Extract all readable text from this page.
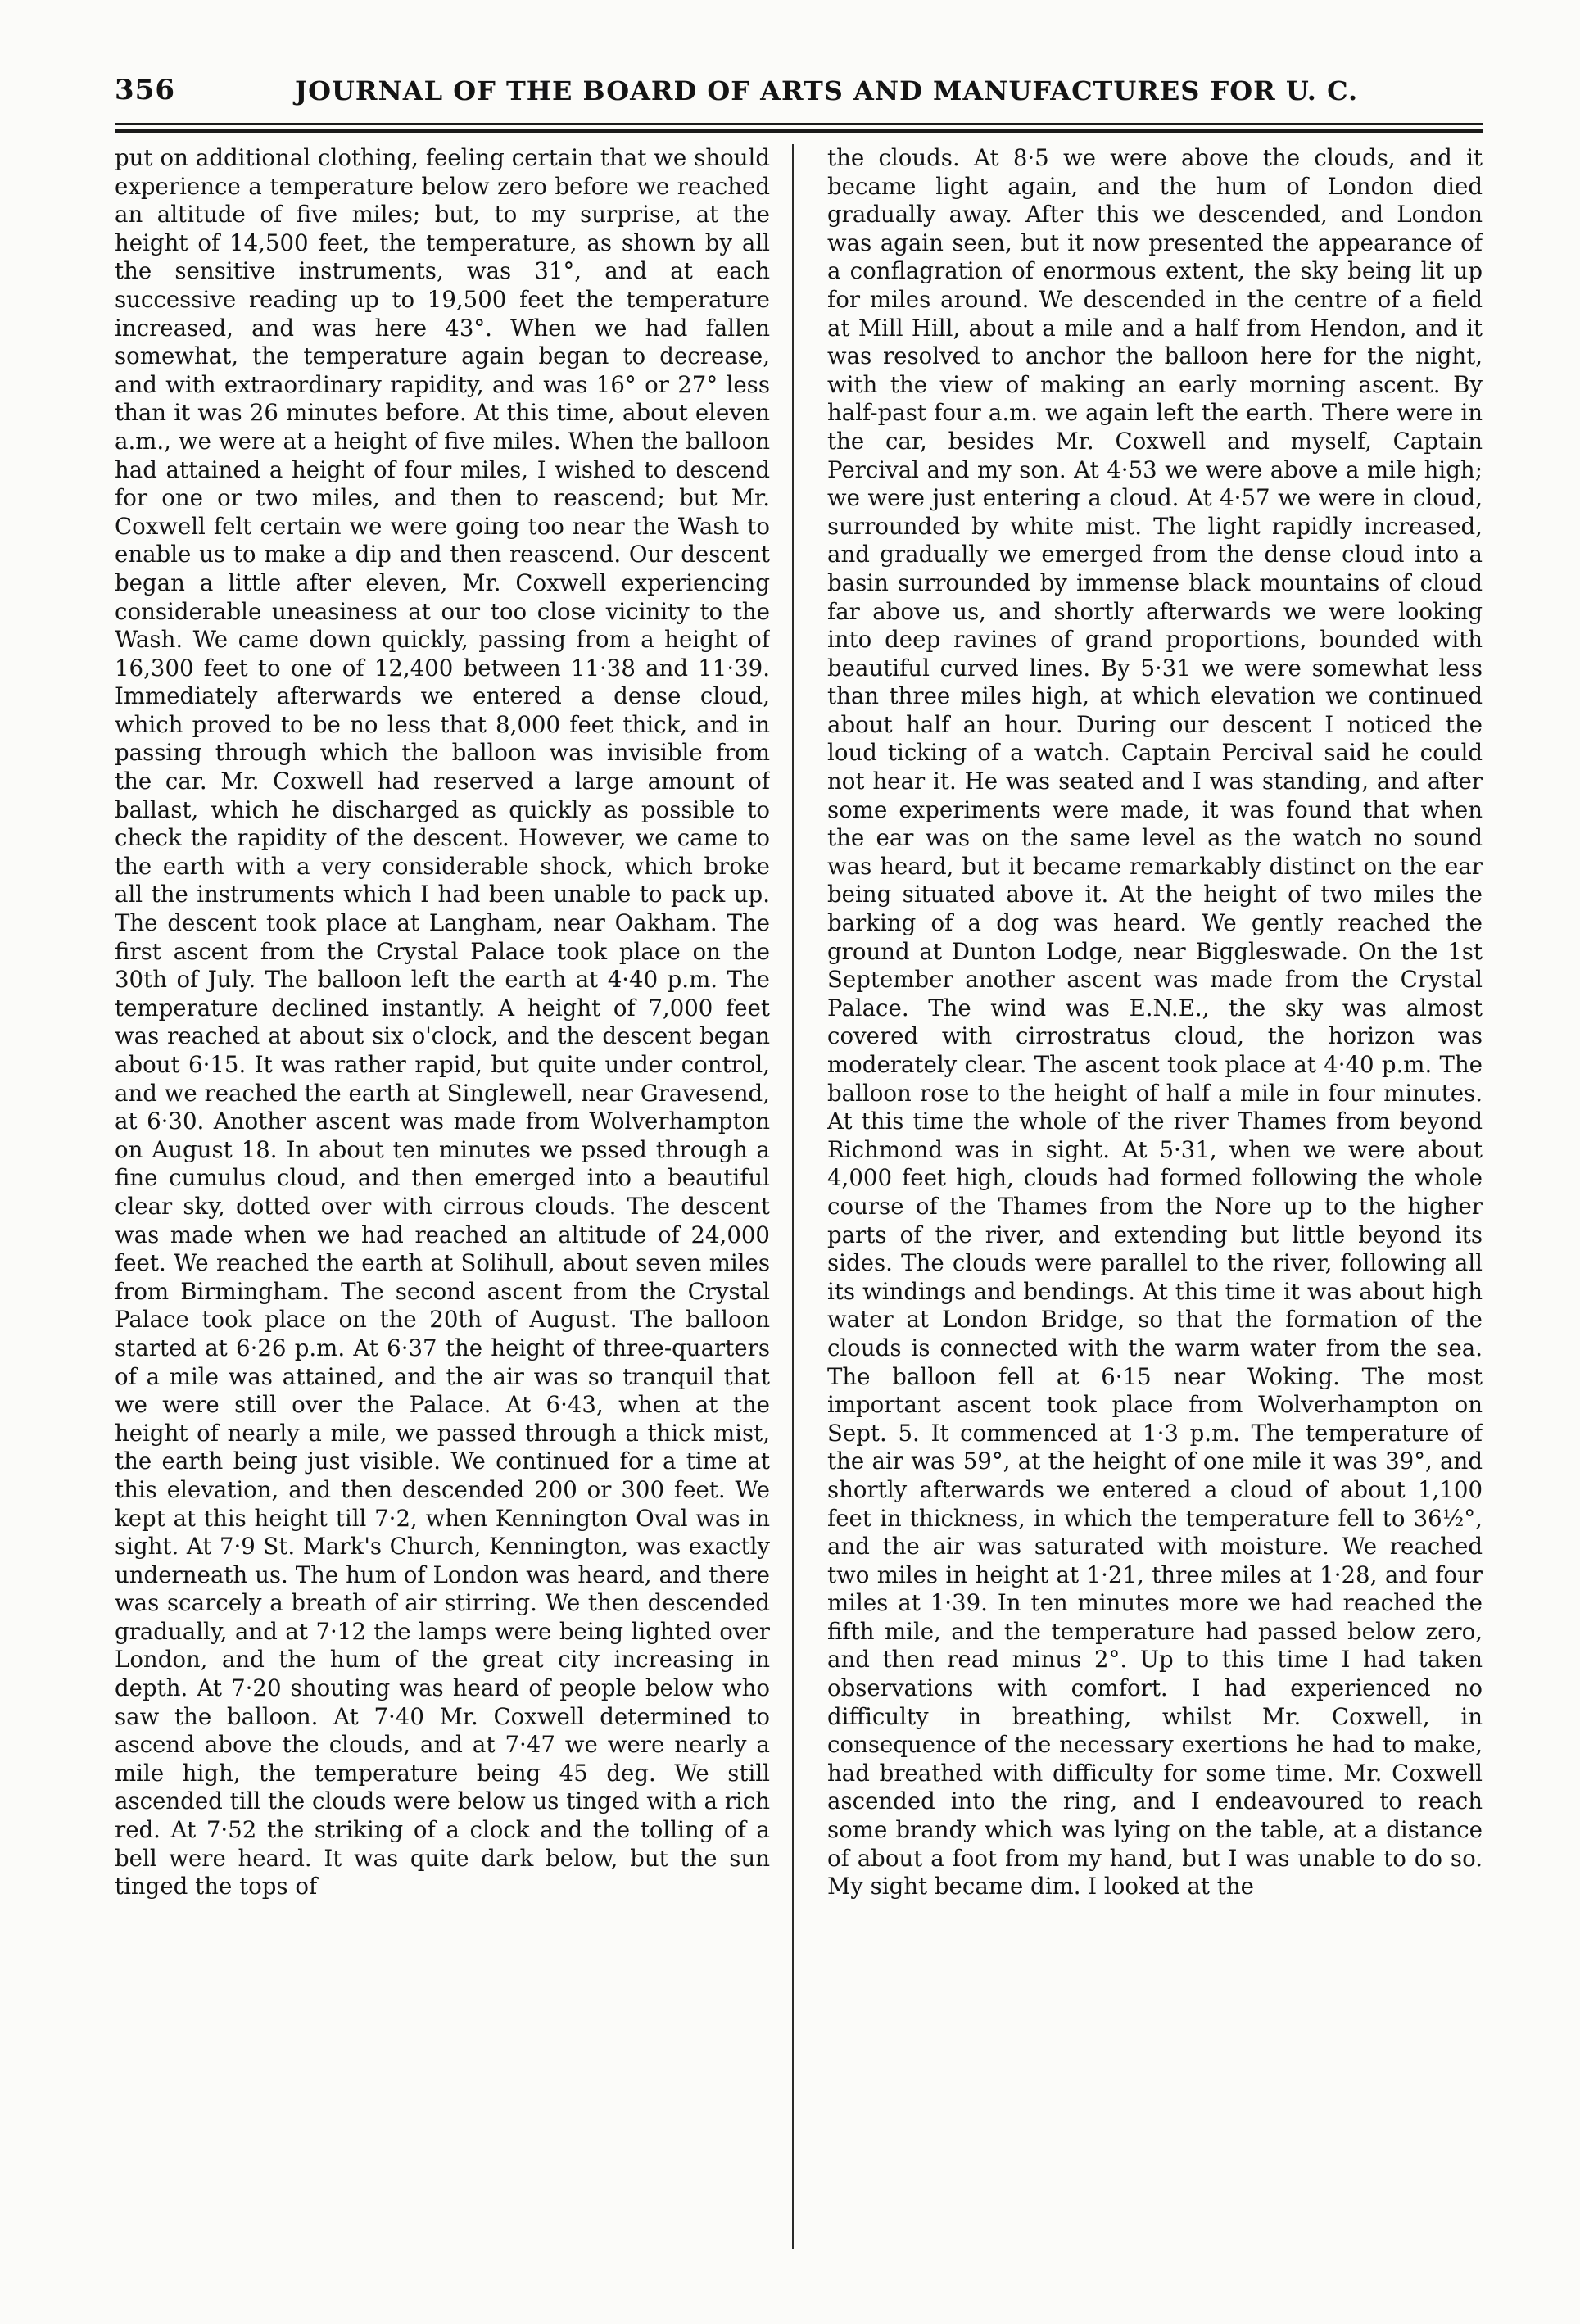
356	JOURNAL OF THE BOARD OF ARTS AND MANUFACTURES FOR U. C.

put on additional clothing, feeling certain that we should experience a temperature below zero before we reached an altitude of five miles; but, to my surprise, at the height of 14,500 feet, the temperature, as shown by all the sensitive instruments, was 31°, and at each successive reading up to 19,500 feet the temperature increased, and was here 43°. When we had fallen somewhat, the temperature again began to decrease, and with extraordinary rapidity, and was 16° or 27° less than it was 26 minutes before. At this time, about eleven a.m., we were at a height of five miles. When the balloon had attained a height of four miles, I wished to descend for one or two miles, and then to reascend; but Mr. Coxwell felt certain we were going too near the Wash to enable us to make a dip and then reascend. Our descent began a little after eleven, Mr. Coxwell experiencing considerable uneasiness at our too close vicinity to the Wash. We came down quickly, passing from a height of 16,300 feet to one of 12,400 between 11·38 and 11·39. Immediately afterwards we entered a dense cloud, which proved to be no less that 8,000 feet thick, and in passing through which the balloon was invisible from the car. Mr. Coxwell had reserved a large amount of ballast, which he discharged as quickly as possible to check the rapidity of the descent. However, we came to the earth with a very considerable shock, which broke all the instruments which I had been unable to pack up. The descent took place at Langham, near Oakham. The first ascent from the Crystal Palace took place on the 30th of July. The balloon left the earth at 4·40 p.m. The temperature declined instantly. A height of 7,000 feet was reached at about six o'clock, and the descent began about 6·15. It was rather rapid, but quite under control, and we reached the earth at Singlewell, near Gravesend, at 6·30. Another ascent was made from Wolverhampton on August 18. In about ten minutes we pssed through a fine cumulus cloud, and then emerged into a beautiful clear sky, dotted over with cirrous clouds. The descent was made when we had reached an altitude of 24,000 feet. We reached the earth at Solihull, about seven miles from Birmingham. The second ascent from the Crystal Palace took place on the 20th of August. The balloon started at 6·26 p.m. At 6·37 the height of three-quarters of a mile was attained, and the air was so tranquil that we were still over the Palace. At 6·43, when at the height of nearly a mile, we passed through a thick mist, the earth being just visible. We continued for a time at this elevation, and then descended 200 or 300 feet. We kept at this height till 7·2, when Kennington Oval was in sight. At 7·9 St. Mark's Church, Kennington, was exactly underneath us. The hum of London was heard, and there was scarcely a breath of air stirring. We then descended gradually, and at 7·12 the lamps were being lighted over London, and the hum of the great city increasing in depth. At 7·20 shouting was heard of people below who saw the balloon. At 7·40 Mr. Coxwell determined to ascend above the clouds, and at 7·47 we were nearly a mile high, the temperature being 45 deg. We still ascended till the clouds were below us tinged with a rich red. At 7·52 the striking of a clock and the tolling of a bell were heard. It was quite dark below, but the sun tinged the tops of

the clouds. At 8·5 we were above the clouds, and it became light again, and the hum of London died gradually away. After this we descended, and London was again seen, but it now presented the appearance of a conflagration of enormous extent, the sky being lit up for miles around. We descended in the centre of a field at Mill Hill, about a mile and a half from Hendon, and it was resolved to anchor the balloon here for the night, with the view of making an early morning ascent. By half-past four a.m. we again left the earth. There were in the car, besides Mr. Coxwell and myself, Captain Percival and my son. At 4·53 we were above a mile high; we were just entering a cloud. At 4·57 we were in cloud, surrounded by white mist. The light rapidly increased, and gradually we emerged from the dense cloud into a basin surrounded by immense black mountains of cloud far above us, and shortly afterwards we were looking into deep ravines of grand proportions, bounded with beautiful curved lines. By 5·31 we were somewhat less than three miles high, at which elevation we continued about half an hour. During our descent I noticed the loud ticking of a watch. Captain Percival said he could not hear it. He was seated and I was standing, and after some experiments were made, it was found that when the ear was on the same level as the watch no sound was heard, but it became remarkably distinct on the ear being situated above it. At the height of two miles the barking of a dog was heard. We gently reached the ground at Dunton Lodge, near Biggleswade. On the 1st September another ascent was made from the Crystal Palace. The wind was E.N.E., the sky was almost covered with cirrostratus cloud, the horizon was moderately clear. The ascent took place at 4·40 p.m. The balloon rose to the height of half a mile in four minutes. At this time the whole of the river Thames from beyond Richmond was in sight. At 5·31, when we were about 4,000 feet high, clouds had formed following the whole course of the Thames from the Nore up to the higher parts of the river, and extending but little beyond its sides. The clouds were parallel to the river, following all its windings and bendings. At this time it was about high water at London Bridge, so that the formation of the clouds is connected with the warm water from the sea. The balloon fell at 6·15 near Woking. The most important ascent took place from Wolverhampton on Sept. 5. It commenced at 1·3 p.m. The temperature of the air was 59°, at the height of one mile it was 39°, and shortly afterwards we entered a cloud of about 1,100 feet in thickness, in which the temperature fell to 36½°, and the air was saturated with moisture. We reached two miles in height at 1·21, three miles at 1·28, and four miles at 1·39. In ten minutes more we had reached the fifth mile, and the temperature had passed below zero, and then read minus 2°. Up to this time I had taken observations with comfort. I had experienced no difficulty in breathing, whilst Mr. Coxwell, in consequence of the necessary exertions he had to make, had breathed with difficulty for some time. Mr. Coxwell ascended into the ring, and I endeavoured to reach some brandy which was lying on the table, at a distance of about a foot from my hand, but I was unable to do so. My sight became dim. I looked at the
